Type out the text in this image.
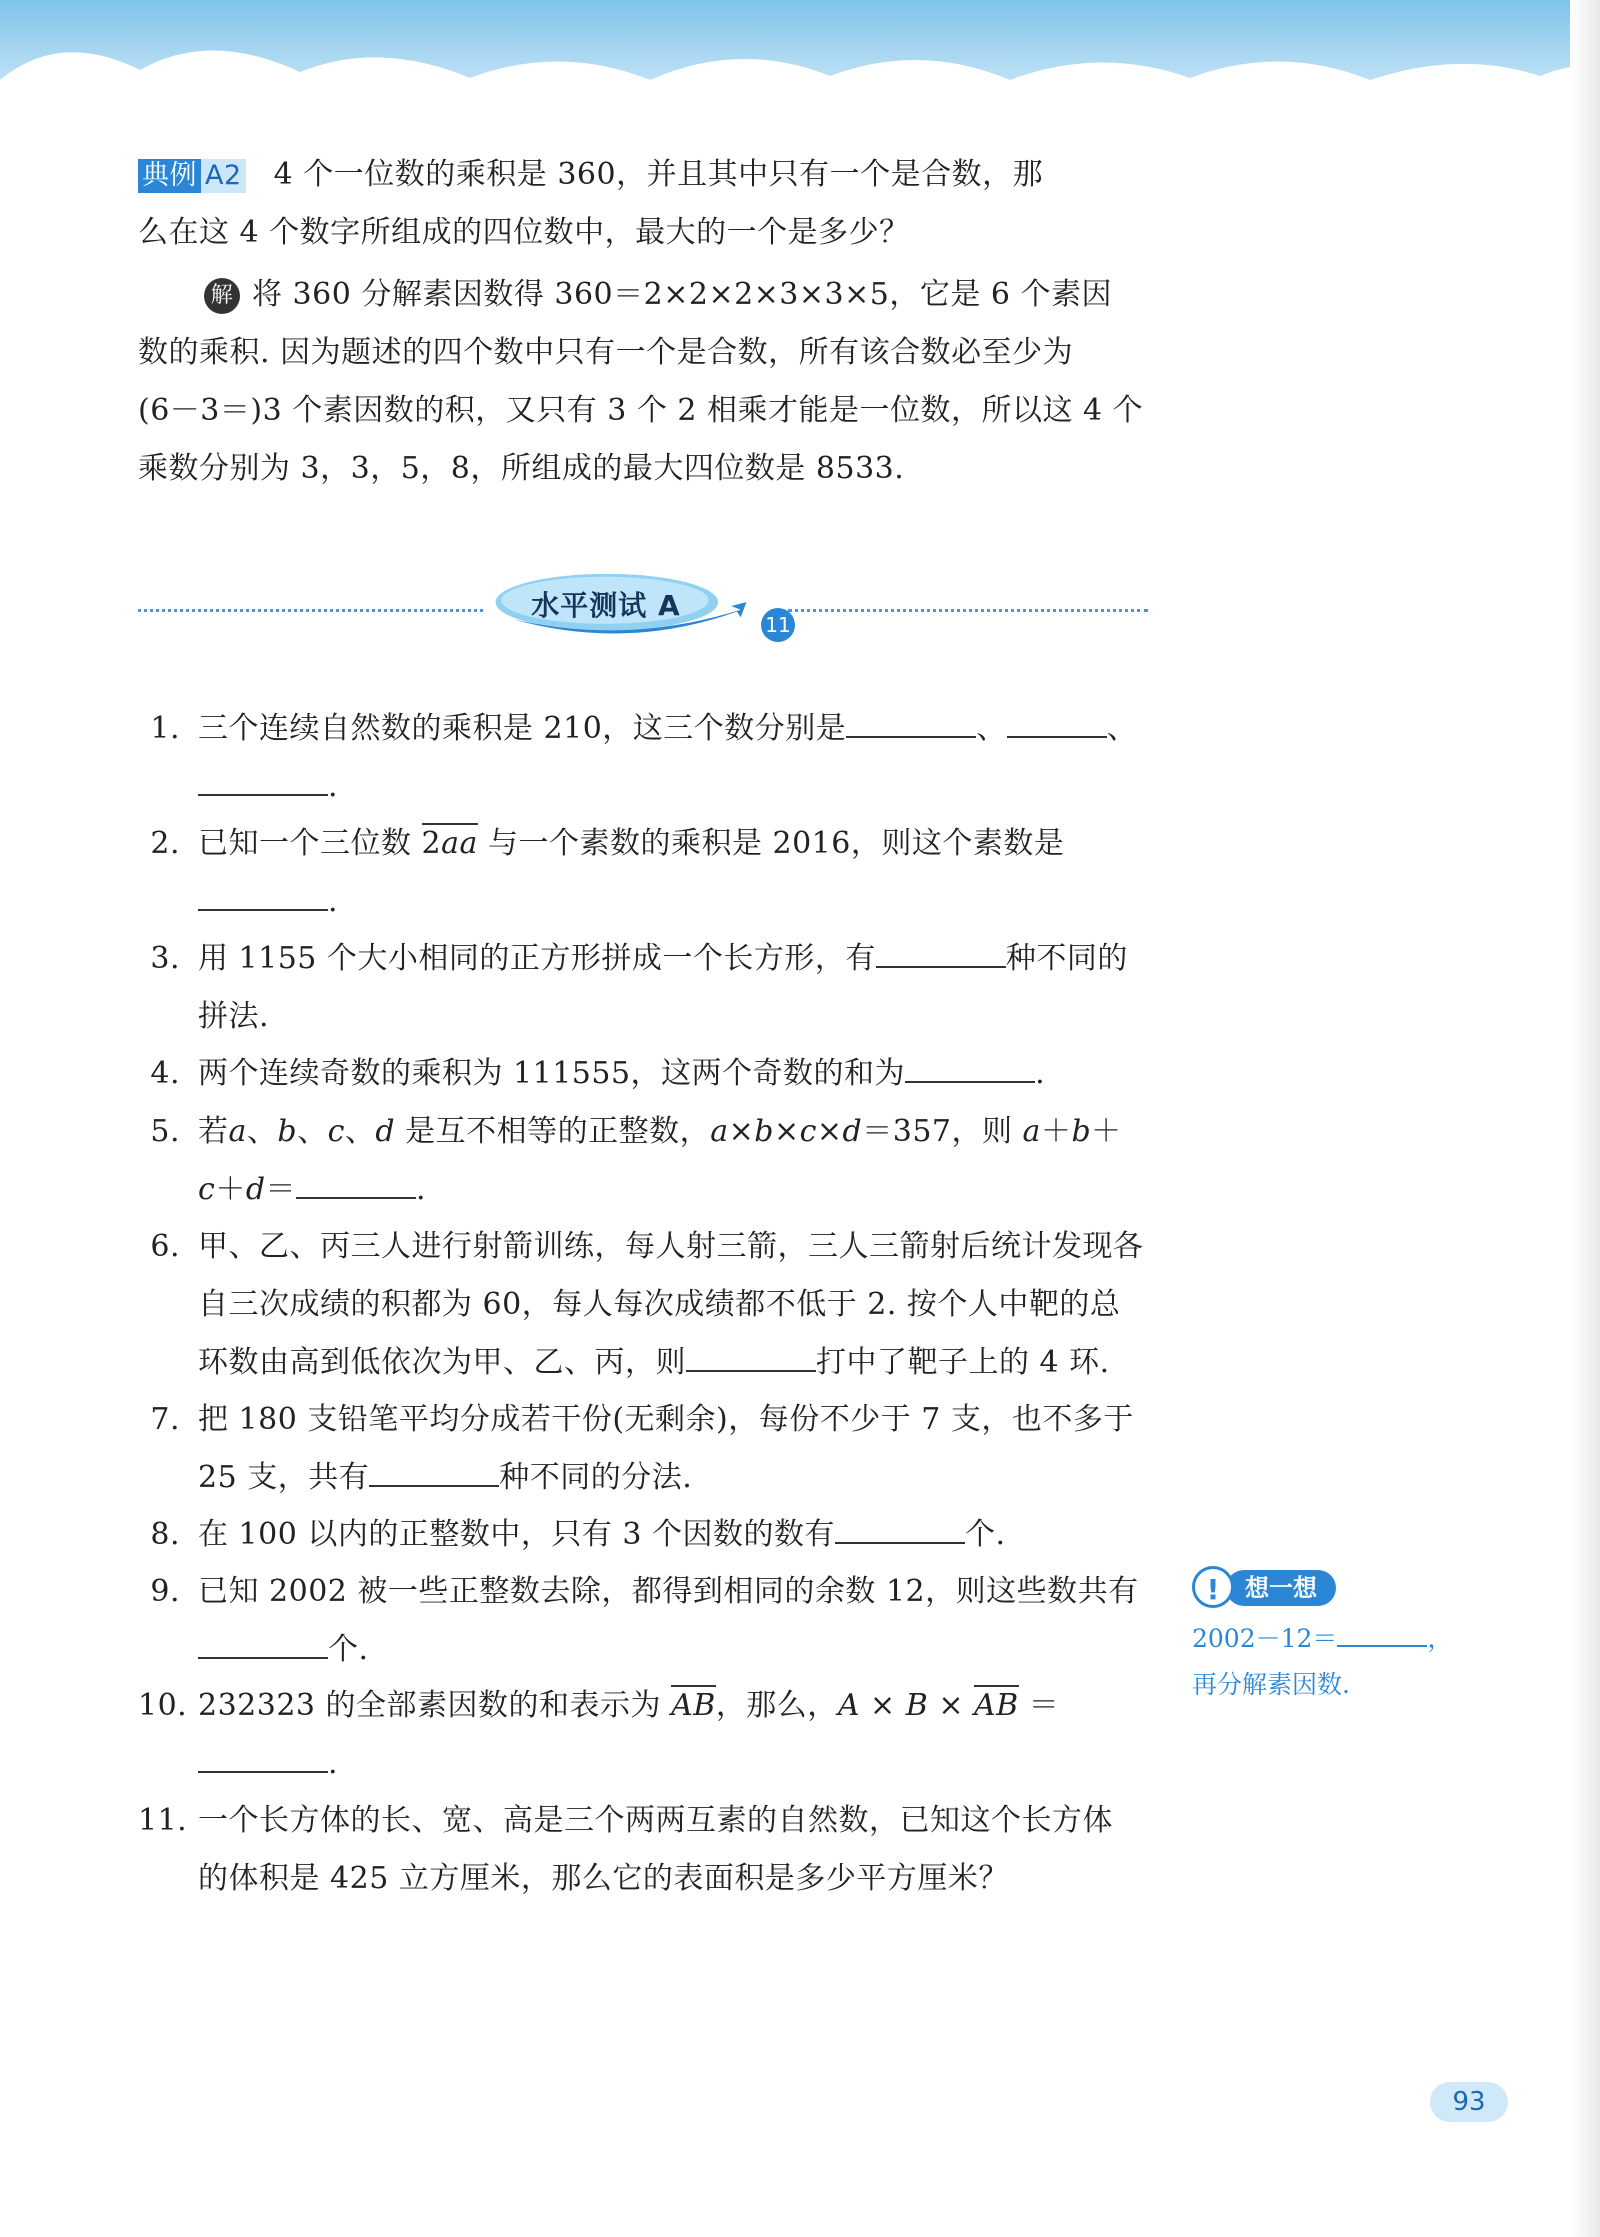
典例 A2 4 个一位数的乘积是 360，并且其中只有一个是合数，那
么在这 4 个数字所组成的四位数中，最大的一个是多少？
解 将 360 分解素因数得 360＝2×2×2×3×3×5，它是 6 个素因
数的乘积. 因为题述的四个数中只有一个是合数，所有该合数必至少为
(6－3＝)3 个素因数的积，又只有 3 个 2 相乘才能是一位数，所以这 4 个
乘数分别为 3，3，5，8，所组成的最大四位数是 8533.
水平测试 A
11
1. 三个连续自然数的乘积是 210，这三个数分别是	、	、
.
2. 已知一个三位数 2aa 与一个素数的乘积是 2016，则这个素数是
.
3. 用 1155 个大小相同的正方形拼成一个长方形，有	种不同的
拼法.
4. 两个连续奇数的乘积为 111555，这两个奇数的和为	.
5. 若a、b、c、d 是互不相等的正整数，a×b×c×d＝357，则 a＋b＋
c＋d＝	.
6. 甲、乙、丙三人进行射箭训练，每人射三箭，三人三箭射后统计发现各
自三次成绩的积都为 60，每人每次成绩都不低于 2. 按个人中靶的总
环数由高到低依次为甲、乙、丙，则	打中了靶子上的 4 环.
7. 把 180 支铅笔平均分成若干份(无剩余)，每份不少于 7 支，也不多于
25 支，共有	种不同的分法.
8. 在 100 以内的正整数中，只有 3 个因数的数有	个.
9. 已知 2002 被一些正整数去除，都得到相同的余数 12，则这些数共有
个.
10. 232323 的全部素因数的和表示为 AB，那么，A × B × AB ＝
.
11. 一个长方体的长、宽、高是三个两两互素的自然数，已知这个长方体
的体积是 425 立方厘米，那么它的表面积是多少平方厘米？
想一想
!
2002－12＝	，
再分解素因数.
93
